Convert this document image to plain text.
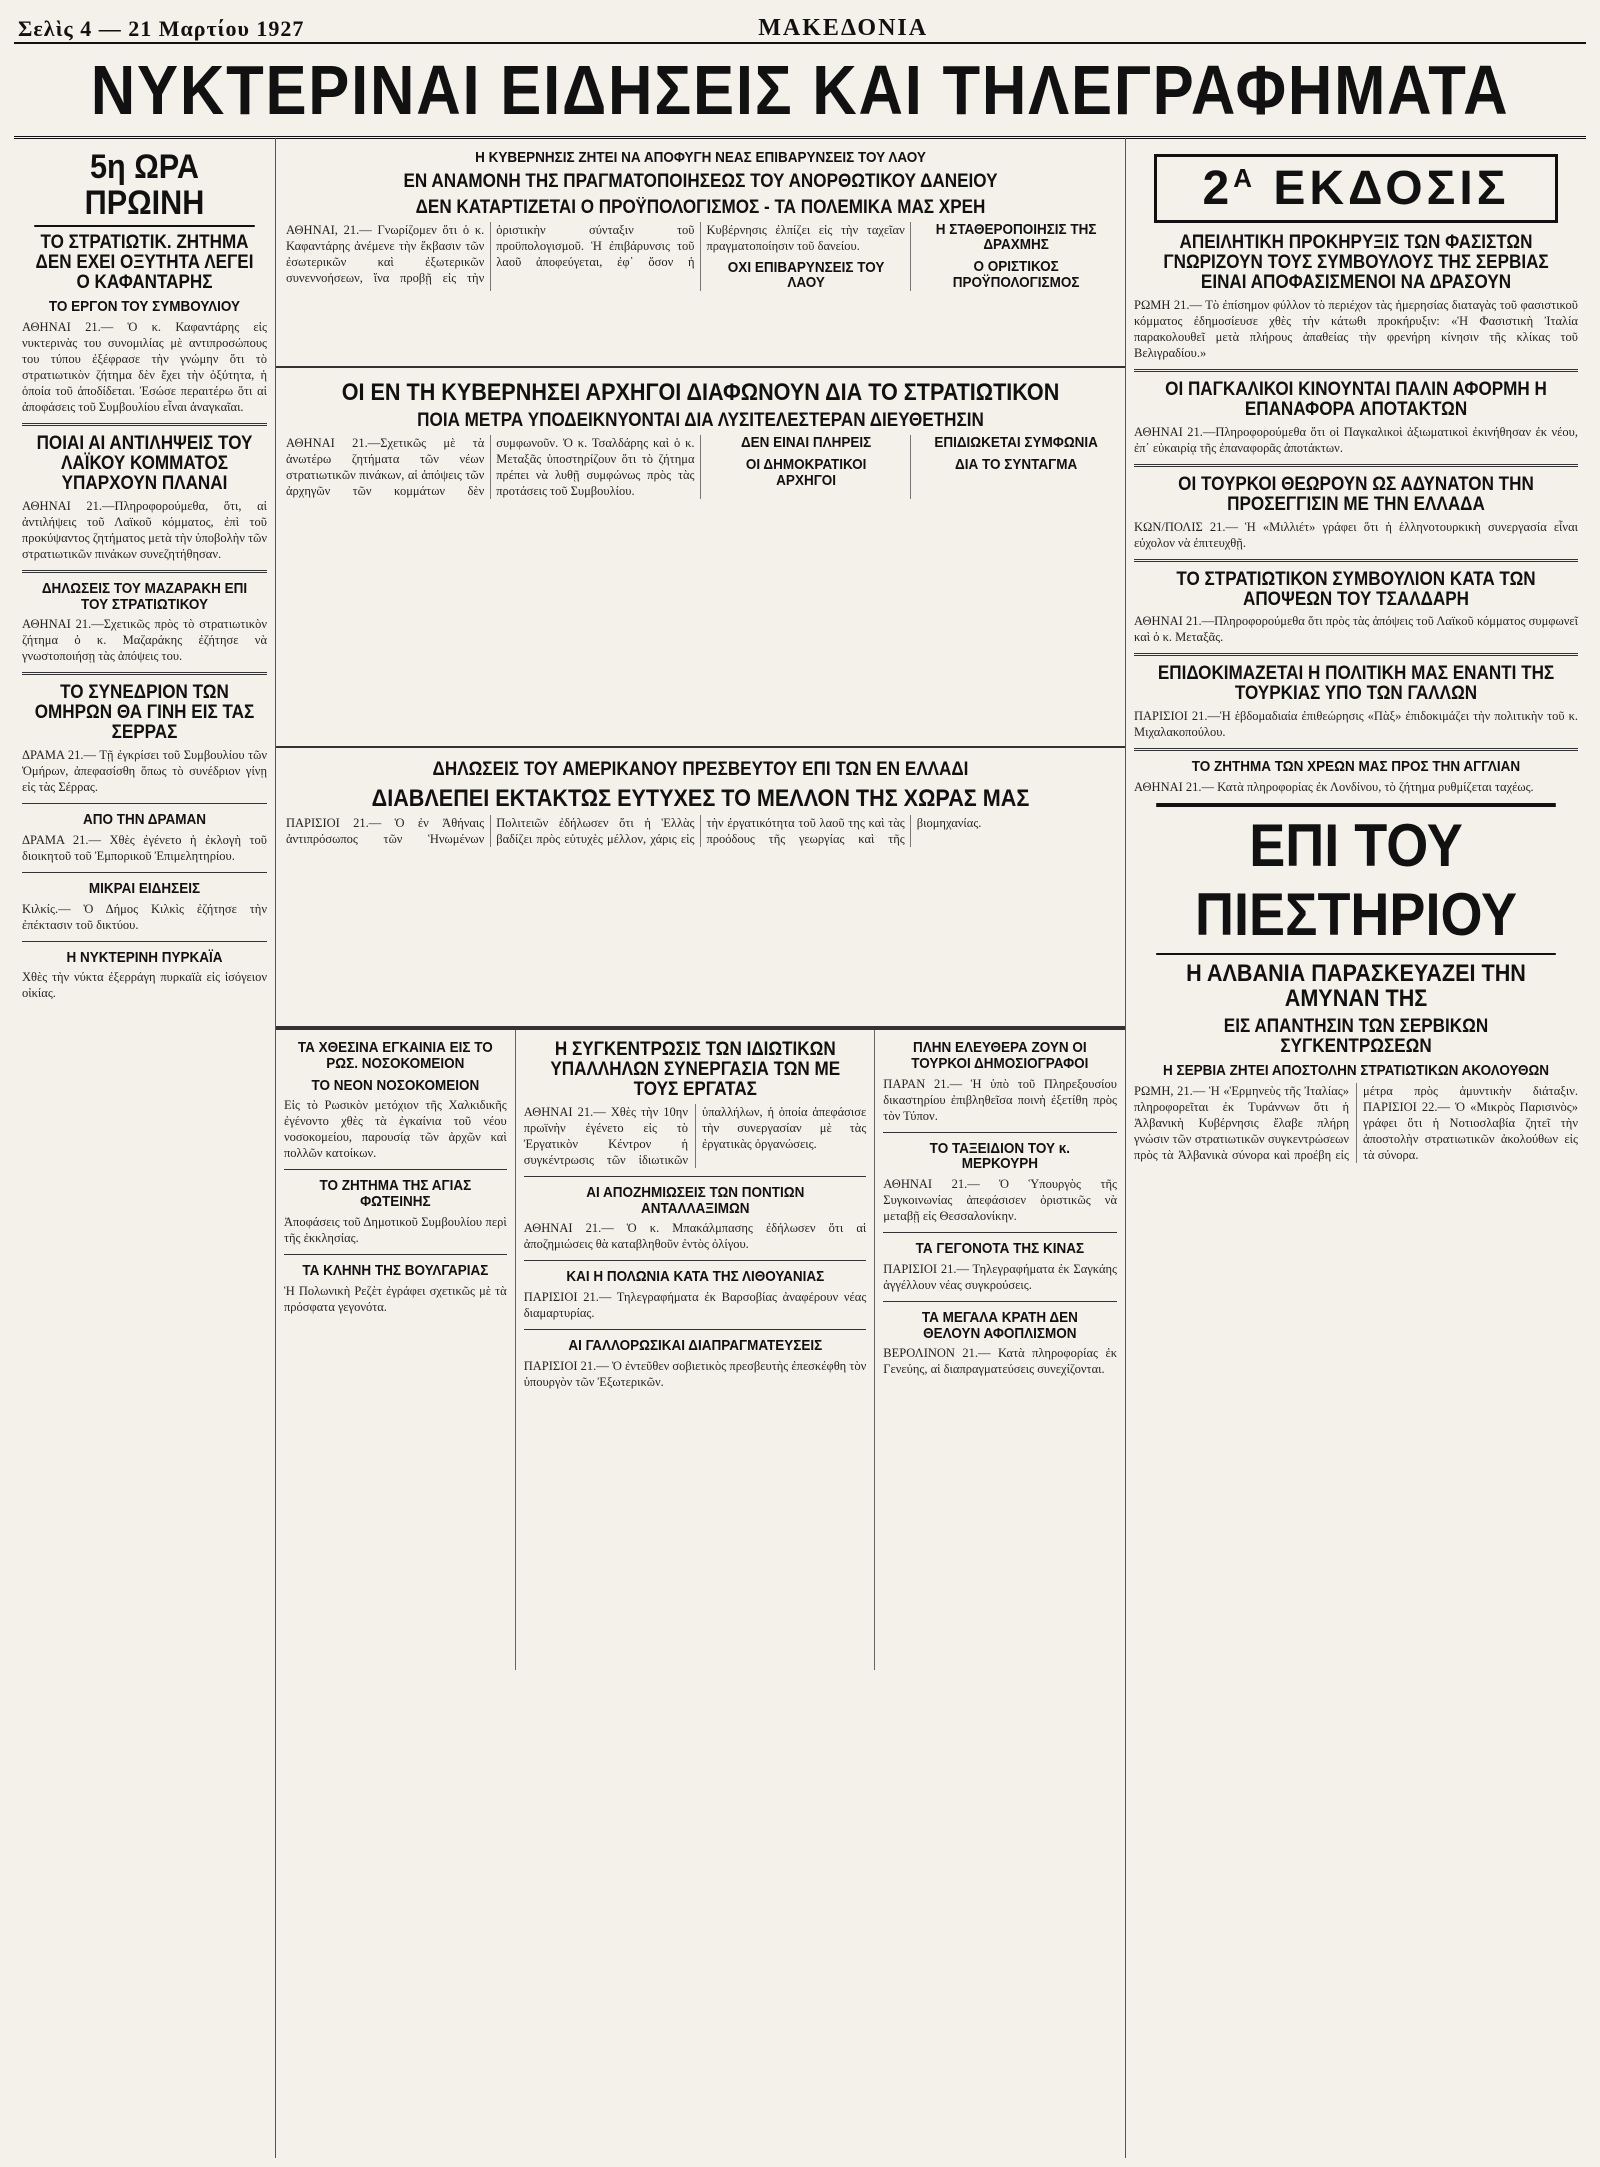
Σελὶς 4 — 21 Μαρτίου 1927	ΜΑΚΕΔΟΝΙΑ
ΝΥΚΤΕΡΙΝΑΙ ΕΙΔΗΣΕΙΣ ΚΑΙ ΤΗΛΕΓΡΑΦΗΜΑΤΑ
5η ΩΡΑ ΠΡΩΙΝΗ
ΤΟ ΣΤΡΑΤΙΩΤΙΚ. ΖΗΤΗΜΑ ΔΕΝ ΕΧΕΙ ΟΞΥΤΗΤΑ ΛΕΓΕΙ Ο ΚΑΦΑΝΤΑΡΗΣ
ΤΟ ΕΡΓΟΝ ΤΟΥ ΣΥΜΒΟΥΛΙΟΥ
ΑΘΗΝΑΙ 21.— Ὁ κ. Καφαντάρης εἰς νυκτερινὰς του συνομιλίας μὲ αντιπροσώπους του τύπου ἐξέφρασε τὴν γνώμην ὅτι τὸ στρατιωτικὸν ζήτημα δὲν ἔχει τὴν ὀξύτητα, ἡ ὁποία τοῦ ἀποδίδεται. Ἐσώσε περαιτέρω ὅτι αἱ ἀποφάσεις τοῦ Συμβουλίου εἶναι ἀναγκαῖαι.
ΠΟΙΑΙ ΑΙ ΑΝΤΙΛΗΨΕΙΣ ΤΟΥ ΛΑΪΚΟΥ ΚΟΜΜΑΤΟΣ ΥΠΑΡΧΟΥΝ ΠΛΑΝΑΙ
ΑΘΗΝΑΙ 21.—Πληροφορούμεθα, ὅτι, αἱ ἀντιλήψεις τοῦ Λαϊκοῦ κόμματος, ἐπὶ τοῦ προκύψαντος ζητήματος μετὰ τὴν ὑποβολὴν τῶν στρατιωτικῶν πινάκων συνεζητήθησαν.
ΔΗΛΩΣΕΙΣ ΤΟΥ ΜΑΖΑΡΑΚΗ ΕΠΙ ΤΟΥ ΣΤΡΑΤΙΩΤΙΚΟΥ
ΑΘΗΝΑΙ 21.—Σχετικῶς πρὸς τὸ στρατιωτικὸν ζήτημα ὁ κ. Μαζαράκης ἐζήτησε νὰ γνωστοποιήσῃ τὰς ἀπόψεις του.
ΤΟ ΣΥΝΕΔΡΙΟΝ ΤΩΝ ΟΜΗΡΩΝ ΘΑ ΓΙΝΗ ΕΙΣ ΤΑΣ ΣΕΡΡΑΣ
ΔΡΑΜΑ 21.— Τῇ ἐγκρίσει τοῦ Συμβουλίου τῶν Ὁμήρων, ἀπεφασίσθη ὅπως τὸ συνέδριον γίνῃ εἰς τὰς Σέρρας.
ΑΠΟ ΤΗΝ ΔΡΑΜΑΝ
ΔΡΑΜΑ 21.— Χθὲς ἐγένετο ἡ ἐκλογὴ τοῦ διοικητοῦ τοῦ Ἐμπορικοῦ Ἐπιμελητηρίου.
ΜΙΚΡΑΙ ΕΙΔΗΣΕΙΣ
Κιλκίς.— Ὁ Δήμος Κιλκὶς ἐζήτησε τὴν ἐπέκτασιν τοῦ δικτύου.
Η ΝΥΚΤΕΡΙΝΗ ΠΥΡΚΑΪΑ
Χθὲς τὴν νύκτα ἐξερράγη πυρκαϊὰ εἰς ἰσόγειον οἰκίας.
Η ΚΥΒΕΡΝΗΣΙΣ ΖΗΤΕΙ ΝΑ ΑΠΟΦΥΓΗ ΝΕΑΣ ΕΠΙΒΑΡΥΝΣΕΙΣ ΤΟΥ ΛΑΟΥ
ΕΝ ΑΝΑΜΟΝΗ ΤΗΣ ΠΡΑΓΜΑΤΟΠΟΙΗΣΕΩΣ ΤΟΥ ΑΝΟΡΘΩΤΙΚΟΥ ΔΑΝΕΙΟΥ
ΔΕΝ ΚΑΤΑΡΤΙΖΕΤΑΙ Ο ΠΡΟΫΠΟΛΟΓΙΣΜΟΣ - ΤΑ ΠΟΛΕΜΙΚΑ ΜΑΣ ΧΡΕΗ
ΑΘΗΝΑΙ, 21.— Γνωρίζομεν ὅτι ὁ κ. Καφαντάρης ἀνέμενε τὴν ἔκβασιν τῶν ἐσωτερικῶν καὶ ἐξωτερικῶν συνεννοήσεων, ἵνα προβῇ εἰς τὴν ὁριστικὴν σύνταξιν τοῦ προϋπολογισμοῦ. Ἡ ἐπιβάρυνσις τοῦ λαοῦ ἀποφεύγεται, ἐφ᾽ ὅσον ἡ Κυβέρνησις ἐλπίζει εἰς τὴν ταχεῖαν πραγματοποίησιν τοῦ δανείου.
ΟΧΙ ΕΠΙΒΑΡΥΝΣΕΙΣ ΤΟΥ ΛΑΟΥ
Η ΣΤΑΘΕΡΟΠΟΙΗΣΙΣ ΤΗΣ ΔΡΑΧΜΗΣ
Ο ΟΡΙΣΤΙΚΟΣ ΠΡΟΫΠΟΛΟΓΙΣΜΟΣ
ΟΙ ΕΝ ΤΗ ΚΥΒΕΡΝΗΣΕΙ ΑΡΧΗΓΟΙ ΔΙΑΦΩΝΟΥΝ ΔΙΑ ΤΟ ΣΤΡΑΤΙΩΤΙΚΟΝ
ΠΟΙΑ ΜΕΤΡΑ ΥΠΟΔΕΙΚΝΥΟΝΤΑΙ ΔΙΑ ΛΥΣΙΤΕΛΕΣΤΕΡΑΝ ΔΙΕΥΘΕΤΗΣΙΝ
ΑΘΗΝΑΙ 21.—Σχετικῶς μὲ τὰ ἀνωτέρω ζητήματα τῶν νέων στρατιωτικῶν πινάκων, αἱ ἀπόψεις τῶν ἀρχηγῶν τῶν κομμάτων δὲν συμφωνοῦν. Ὁ κ. Τσαλδάρης καὶ ὁ κ. Μεταξᾶς ὑποστηρίζουν ὅτι τὸ ζήτημα πρέπει νὰ λυθῇ συμφώνως πρὸς τὰς προτάσεις τοῦ Συμβουλίου.
ΔΕΝ ΕΙΝΑΙ ΠΛΗΡΕΙΣ
ΟΙ ΔΗΜΟΚΡΑΤΙΚΟΙ ΑΡΧΗΓΟΙ
ΕΠΙΔΙΩΚΕΤΑΙ ΣΥΜΦΩΝΙΑ
ΔΙΑ ΤΟ ΣΥΝΤΑΓΜΑ
ΔΗΛΩΣΕΙΣ ΤΟΥ ΑΜΕΡΙΚΑΝΟΥ ΠΡΕΣΒΕΥΤΟΥ ΕΠΙ ΤΩΝ ΕΝ ΕΛΛΑΔΙ
ΔΙΑΒΛΕΠΕΙ ΕΚΤΑΚΤΩΣ ΕΥΤΥΧΕΣ ΤΟ ΜΕΛΛΟΝ ΤΗΣ ΧΩΡΑΣ ΜΑΣ
ΠΑΡΙΣΙΟΙ 21.— Ὁ ἐν Ἀθήναις ἀντιπρόσωπος τῶν Ἡνωμένων Πολιτειῶν ἐδήλωσεν ὅτι ἡ Ἑλλὰς βαδίζει πρὸς εὐτυχὲς μέλλον, χάρις εἰς τὴν ἐργατικότητα τοῦ λαοῦ της καὶ τὰς προόδους τῆς γεωργίας καὶ τῆς βιομηχανίας.
ΤΑ ΧΘΕΣΙΝΑ ΕΓΚΑΙΝΙΑ ΕΙΣ ΤΟ ΡΩΣ. ΝΟΣΟΚΟΜΕΙΟΝ
ΤΟ ΝΕΟΝ ΝΟΣΟΚΟΜΕΙΟΝ
Εἰς τὸ Ρωσικὸν μετόχιον τῆς Χαλκιδικῆς ἐγένοντο χθὲς τὰ ἐγκαίνια τοῦ νέου νοσοκομείου, παρουσίᾳ τῶν ἀρχῶν καὶ πολλῶν κατοίκων.
ΤΟ ΖΗΤΗΜΑ ΤΗΣ ΑΓΙΑΣ ΦΩΤΕΙΝΗΣ
Ἀποφάσεις τοῦ Δημοτικοῦ Συμβουλίου περὶ τῆς ἐκκλησίας.
ΤΑ ΚΛΗΝΗ ΤΗΣ ΒΟΥΛΓΑΡΙΑΣ
Ἡ Πολωνικὴ Ρεζὲτ ἐγράφει σχετικῶς μὲ τὰ πρόσφατα γεγονότα.
Η ΣΥΓΚΕΝΤΡΩΣΙΣ ΤΩΝ ΙΔΙΩΤΙΚΩΝ ΥΠΑΛΛΗΛΩΝ ΣΥΝΕΡΓΑΣΙΑ ΤΩΝ ΜΕ ΤΟΥΣ ΕΡΓΑΤΑΣ
ΑΘΗΝΑΙ 21.— Χθὲς τὴν 10ην πρωϊνὴν ἐγένετο εἰς τὸ Ἐργατικὸν Κέντρον ἡ συγκέντρωσις τῶν ἰδιωτικῶν ὑπαλλήλων, ἡ ὁποία ἀπεφάσισε τὴν συνεργασίαν μὲ τὰς ἐργατικὰς ὀργανώσεις.
ΑΙ ΑΠΟΖΗΜΙΩΣΕΙΣ ΤΩΝ ΠΟΝΤΙΩΝ ΑΝΤΑΛΛΑΞΙΜΩΝ
ΑΘΗΝΑΙ 21.— Ὁ κ. Μπακάλμπασης ἐδήλωσεν ὅτι αἱ ἀποζημιώσεις θὰ καταβληθοῦν ἐντὸς ὀλίγου.
ΚΑΙ Η ΠΟΛΩΝΙΑ ΚΑΤΑ ΤΗΣ ΛΙΘΟΥΑΝΙΑΣ
ΠΑΡΙΣΙΟΙ 21.— Τηλεγραφήματα ἐκ Βαρσοβίας ἀναφέρουν νέας διαμαρτυρίας.
ΑΙ ΓΑΛΛΟΡΩΣΙΚΑΙ ΔΙΑΠΡΑΓΜΑΤΕΥΣΕΙΣ
ΠΑΡΙΣΙΟΙ 21.— Ὁ ἐντεῦθεν σοβιετικὸς πρεσβευτὴς ἐπεσκέφθη τὸν ὑπουργὸν τῶν Ἐξωτερικῶν.
ΠΛΗΝ ΕΛΕΥΘΕΡΑ ΖΟΥΝ ΟΙ ΤΟΥΡΚΟΙ ΔΗΜΟΣΙΟΓΡΑΦΟΙ
ΠΑΡΑΝ 21.— Ἡ ὑπὸ τοῦ Πληρεξουσίου δικαστηρίου ἐπιβληθεῖσα ποινὴ ἐξετίθη πρὸς τὸν Τύπον.
ΤΟ ΤΑΞΕΙΔΙΟΝ ΤΟΥ κ. ΜΕΡΚΟΥΡΗ
ΑΘΗΝΑΙ 21.— Ὁ Ὑπουργὸς τῆς Συγκοινωνίας ἀπεφάσισεν ὁριστικῶς νὰ μεταβῇ εἰς Θεσσαλονίκην.
ΤΑ ΓΕΓΟΝΟΤΑ ΤΗΣ ΚΙΝΑΣ
ΠΑΡΙΣΙΟΙ 21.— Τηλεγραφήματα ἐκ Σαγκάης ἀγγέλλουν νέας συγκρούσεις.
ΤΑ ΜΕΓΑΛΑ ΚΡΑΤΗ ΔΕΝ ΘΕΛΟΥΝ ΑΦΟΠΛΙΣΜΟΝ
ΒΕΡΟΛΙΝΟΝ 21.— Κατὰ πληροφορίας ἐκ Γενεύης, αἱ διαπραγματεύσεις συνεχίζονται.
$2^A$ ΕΚΔΟΣΙΣ
ΑΠΕΙΛΗΤΙΚΗ ΠΡΟΚΗΡΥΞΙΣ ΤΩΝ ΦΑΣΙΣΤΩΝ ΓΝΩΡΙΖΟΥΝ ΤΟΥΣ ΣΥΜΒΟΥΛΟΥΣ ΤΗΣ ΣΕΡΒΙΑΣ ΕΙΝΑΙ ΑΠΟΦΑΣΙΣΜΕΝΟΙ ΝΑ ΔΡΑΣΟΥΝ
ΡΩΜΗ 21.— Τὸ ἐπίσημον φύλλον τὸ περιέχον τὰς ἡμερησίας διαταγὰς τοῦ φασιστικοῦ κόμματος ἐδημοσίευσε χθὲς τὴν κάτωθι προκήρυξιν: «Ἡ Φασιστικὴ Ἰταλία παρακολουθεῖ μετὰ πλήρους ἀπαθείας τὴν φρενήρη κίνησιν τῆς κλίκας τοῦ Βελιγραδίου.»
ΟΙ ΠΑΓΚΑΛΙΚΟΙ ΚΙΝΟΥΝΤΑΙ ΠΑΛΙΝ ΑΦΟΡΜΗ Η ΕΠΑΝΑΦΟΡΑ ΑΠΟΤΑΚΤΩΝ
ΑΘΗΝΑΙ 21.—Πληροφορούμεθα ὅτι οἱ Παγκαλικοὶ ἀξιωματικοὶ ἐκινήθησαν ἐκ νέου, ἐπ᾽ εὐκαιρίᾳ τῆς ἐπαναφορᾶς ἀποτάκτων.
ΟΙ ΤΟΥΡΚΟΙ ΘΕΩΡΟΥΝ ΩΣ ΑΔΥΝΑΤΟΝ ΤΗΝ ΠΡΟΣΕΓΓΙΣΙΝ ΜΕ ΤΗΝ ΕΛΛΑΔΑ
ΚΩΝ/ΠΟΛΙΣ 21.— Ἡ «Μιλλιέτ» γράφει ὅτι ἡ ἑλληνοτουρκικὴ συνεργασία εἶναι εὐχολον νὰ ἐπιτευχθῇ.
ΤΟ ΣΤΡΑΤΙΩΤΙΚΟΝ ΣΥΜΒΟΥΛΙΟΝ ΚΑΤΑ ΤΩΝ ΑΠΟΨΕΩΝ ΤΟΥ ΤΣΑΛΔΑΡΗ
ΑΘΗΝΑΙ 21.—Πληροφορούμεθα ὅτι πρὸς τὰς ἀπόψεις τοῦ Λαϊκοῦ κόμματος συμφωνεῖ καὶ ὁ κ. Μεταξᾶς.
ΕΠΙΔΟΚΙΜΑΖΕΤΑΙ Η ΠΟΛΙΤΙΚΗ ΜΑΣ ΕΝΑΝΤΙ ΤΗΣ ΤΟΥΡΚΙΑΣ ΥΠΟ ΤΩΝ ΓΑΛΛΩΝ
ΠΑΡΙΣΙΟΙ 21.—Ἡ ἑβδομαδιαία ἐπιθεώρησις «Πὰξ» ἐπιδοκιμάζει τὴν πολιτικὴν τοῦ κ. Μιχαλακοπούλου.
ΤΟ ΖΗΤΗΜΑ ΤΩΝ ΧΡΕΩΝ ΜΑΣ ΠΡΟΣ ΤΗΝ ΑΓΓΛΙΑΝ
ΑΘΗΝΑΙ 21.— Κατὰ πληροφορίας ἐκ Λονδίνου, τὸ ζήτημα ρυθμίζεται ταχέως.
ΕΠΙ ΤΟΥ ΠΙΕΣΤΗΡΙΟΥ
Η ΑΛΒΑΝΙΑ ΠΑΡΑΣΚΕΥΑΖΕΙ ΤΗΝ ΑΜΥΝΑΝ ΤΗΣ
ΕΙΣ ΑΠΑΝΤΗΣΙΝ ΤΩΝ ΣΕΡΒΙΚΩΝ ΣΥΓΚΕΝΤΡΩΣΕΩΝ
Η ΣΕΡΒΙΑ ΖΗΤΕΙ ΑΠΟΣΤΟΛΗΝ ΣΤΡΑΤΙΩΤΙΚΩΝ ΑΚΟΛΟΥΘΩΝ
ΡΩΜΗ, 21.— Ἡ «Ἑρμηνεὺς τῆς Ἰταλίας» πληροφορεῖται ἐκ Τυράννων ὅτι ἡ Ἀλβανικὴ Κυβέρνησις ἔλαβε πλήρη γνώσιν τῶν στρατιωτικῶν συγκεντρώσεων πρὸς τὰ Ἀλβανικὰ σύνορα καὶ προέβη εἰς μέτρα πρὸς ἀμυντικὴν διάταξιν. ΠΑΡΙΣΙΟΙ 22.— Ὁ «Μικρὸς Παρισινὸς» γράφει ὅτι ἡ Νοτιοσλαβία ζητεῖ τὴν ἀποστολὴν στρατιωτικῶν ἀκολούθων εἰς τὰ σύνορα.
